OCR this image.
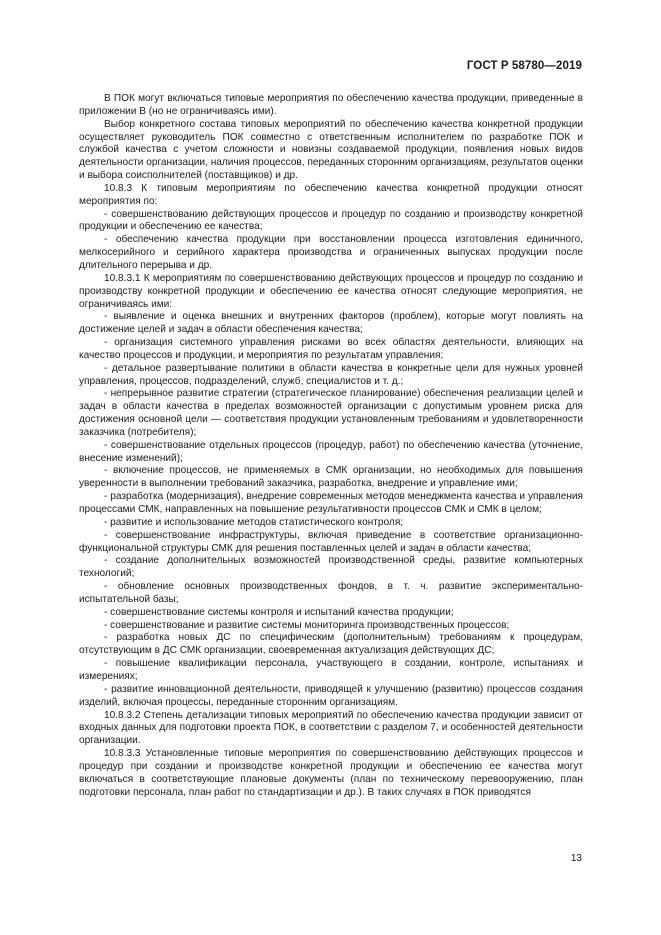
ГОСТ Р 58780—2019

В ПОК могут включаться типовые мероприятия по обеспечению качества продукции, приведенные в приложении В (но не ограничиваясь ими).

Выбор конкретного состава типовых мероприятий по обеспечению качества конкретной продукции осуществляет руководитель ПОК совместно с ответственным исполнителем по разработке ПОК и службой качества с учетом сложности и новизны создаваемой продукции, появления новых видов деятельности организации, наличия процессов, переданных сторонним организациям, результатов оценки и выбора соисполнителей (поставщиков) и др.

10.8.3 К типовым мероприятиям по обеспечению качества конкретной продукции относят мероприятия по:

- совершенствованию действующих процессов и процедур по созданию и производству конкретной продукции и обеспечению ее качества;

- обеспечению качества продукции при восстановлении процесса изготовления единичного, мелкосерийного и серийного характера производства и ограниченных выпусках продукции после длительного перерыва и др.

10.8.3.1 К мероприятиям по совершенствованию действующих процессов и процедур по созданию и производству конкретной продукции и обеспечению ее качества относят следующие мероприятия, не ограничиваясь ими:

- выявление и оценка внешних и внутренних факторов (проблем), которые могут повлиять на достижение целей и задач в области обеспечения качества;

- организация системного управления рисками во всех областях деятельности, влияющих на качество процессов и продукции, и мероприятия по результатам управления;

- детальное развертывание политики в области качества в конкретные цели для нужных уровней управления, процессов, подразделений, служб, специалистов и т. д.;

- непрерывное развитие стратегии (стратегическое планирование) обеспечения реализации целей и задач в области качества в пределах возможностей организации с допустимым уровнем риска для достижения основной цели — соответствия продукции установленным требованиям и удовлетворенности заказчика (потребителя);

- совершенствование отдельных процессов (процедур, работ) по обеспечению качества (уточнение, внесение изменений);

- включение процессов, не применяемых в СМК организации, но необходимых для повышения уверенности в выполнении требований заказчика, разработка, внедрение и управление ими;

- разработка (модернизация), внедрение современных методов менеджмента качества и управления процессами СМК, направленных на повышение результативности процессов СМК и СМК в целом;

- развитие и использование методов статистического контроля;

- совершенствование инфраструктуры, включая приведение в соответствие организационно-функциональной структуры СМК для решения поставленных целей и задач в области качества;

- создание дополнительных возможностей производственной среды, развитие компьютерных технологий;

- обновление основных производственных фондов, в т. ч. развитие экспериментально-испытательной базы;

- совершенствование системы контроля и испытаний качества продукции;

- совершенствование и развитие системы мониторинга производственных процессов;

- разработка новых ДС по специфическим (дополнительным) требованиям к процедурам, отсутствующим в ДС СМК организации, своевременная актуализация действующих ДС;

- повышение квалификации персонала, участвующего в создании, контроле, испытаниях и измерениях;

- развитие инновационной деятельности, приводящей к улучшению (развитию) процессов создания изделий, включая процессы, переданные сторонним организациям.

10.8.3.2 Степень детализации типовых мероприятий по обеспечению качества продукции зависит от входных данных для подготовки проекта ПОК, в соответствии с разделом 7, и особенностей деятельности организации.

10.8.3.3 Установленные типовые мероприятия по совершенствованию действующих процессов и процедур при создании и производстве конкретной продукции и обеспечению ее качества могут включаться в соответствующие плановые документы (план по техническому перевооружению, план подготовки персонала, план работ по стандартизации и др.). В таких случаях в ПОК приводятся

13
